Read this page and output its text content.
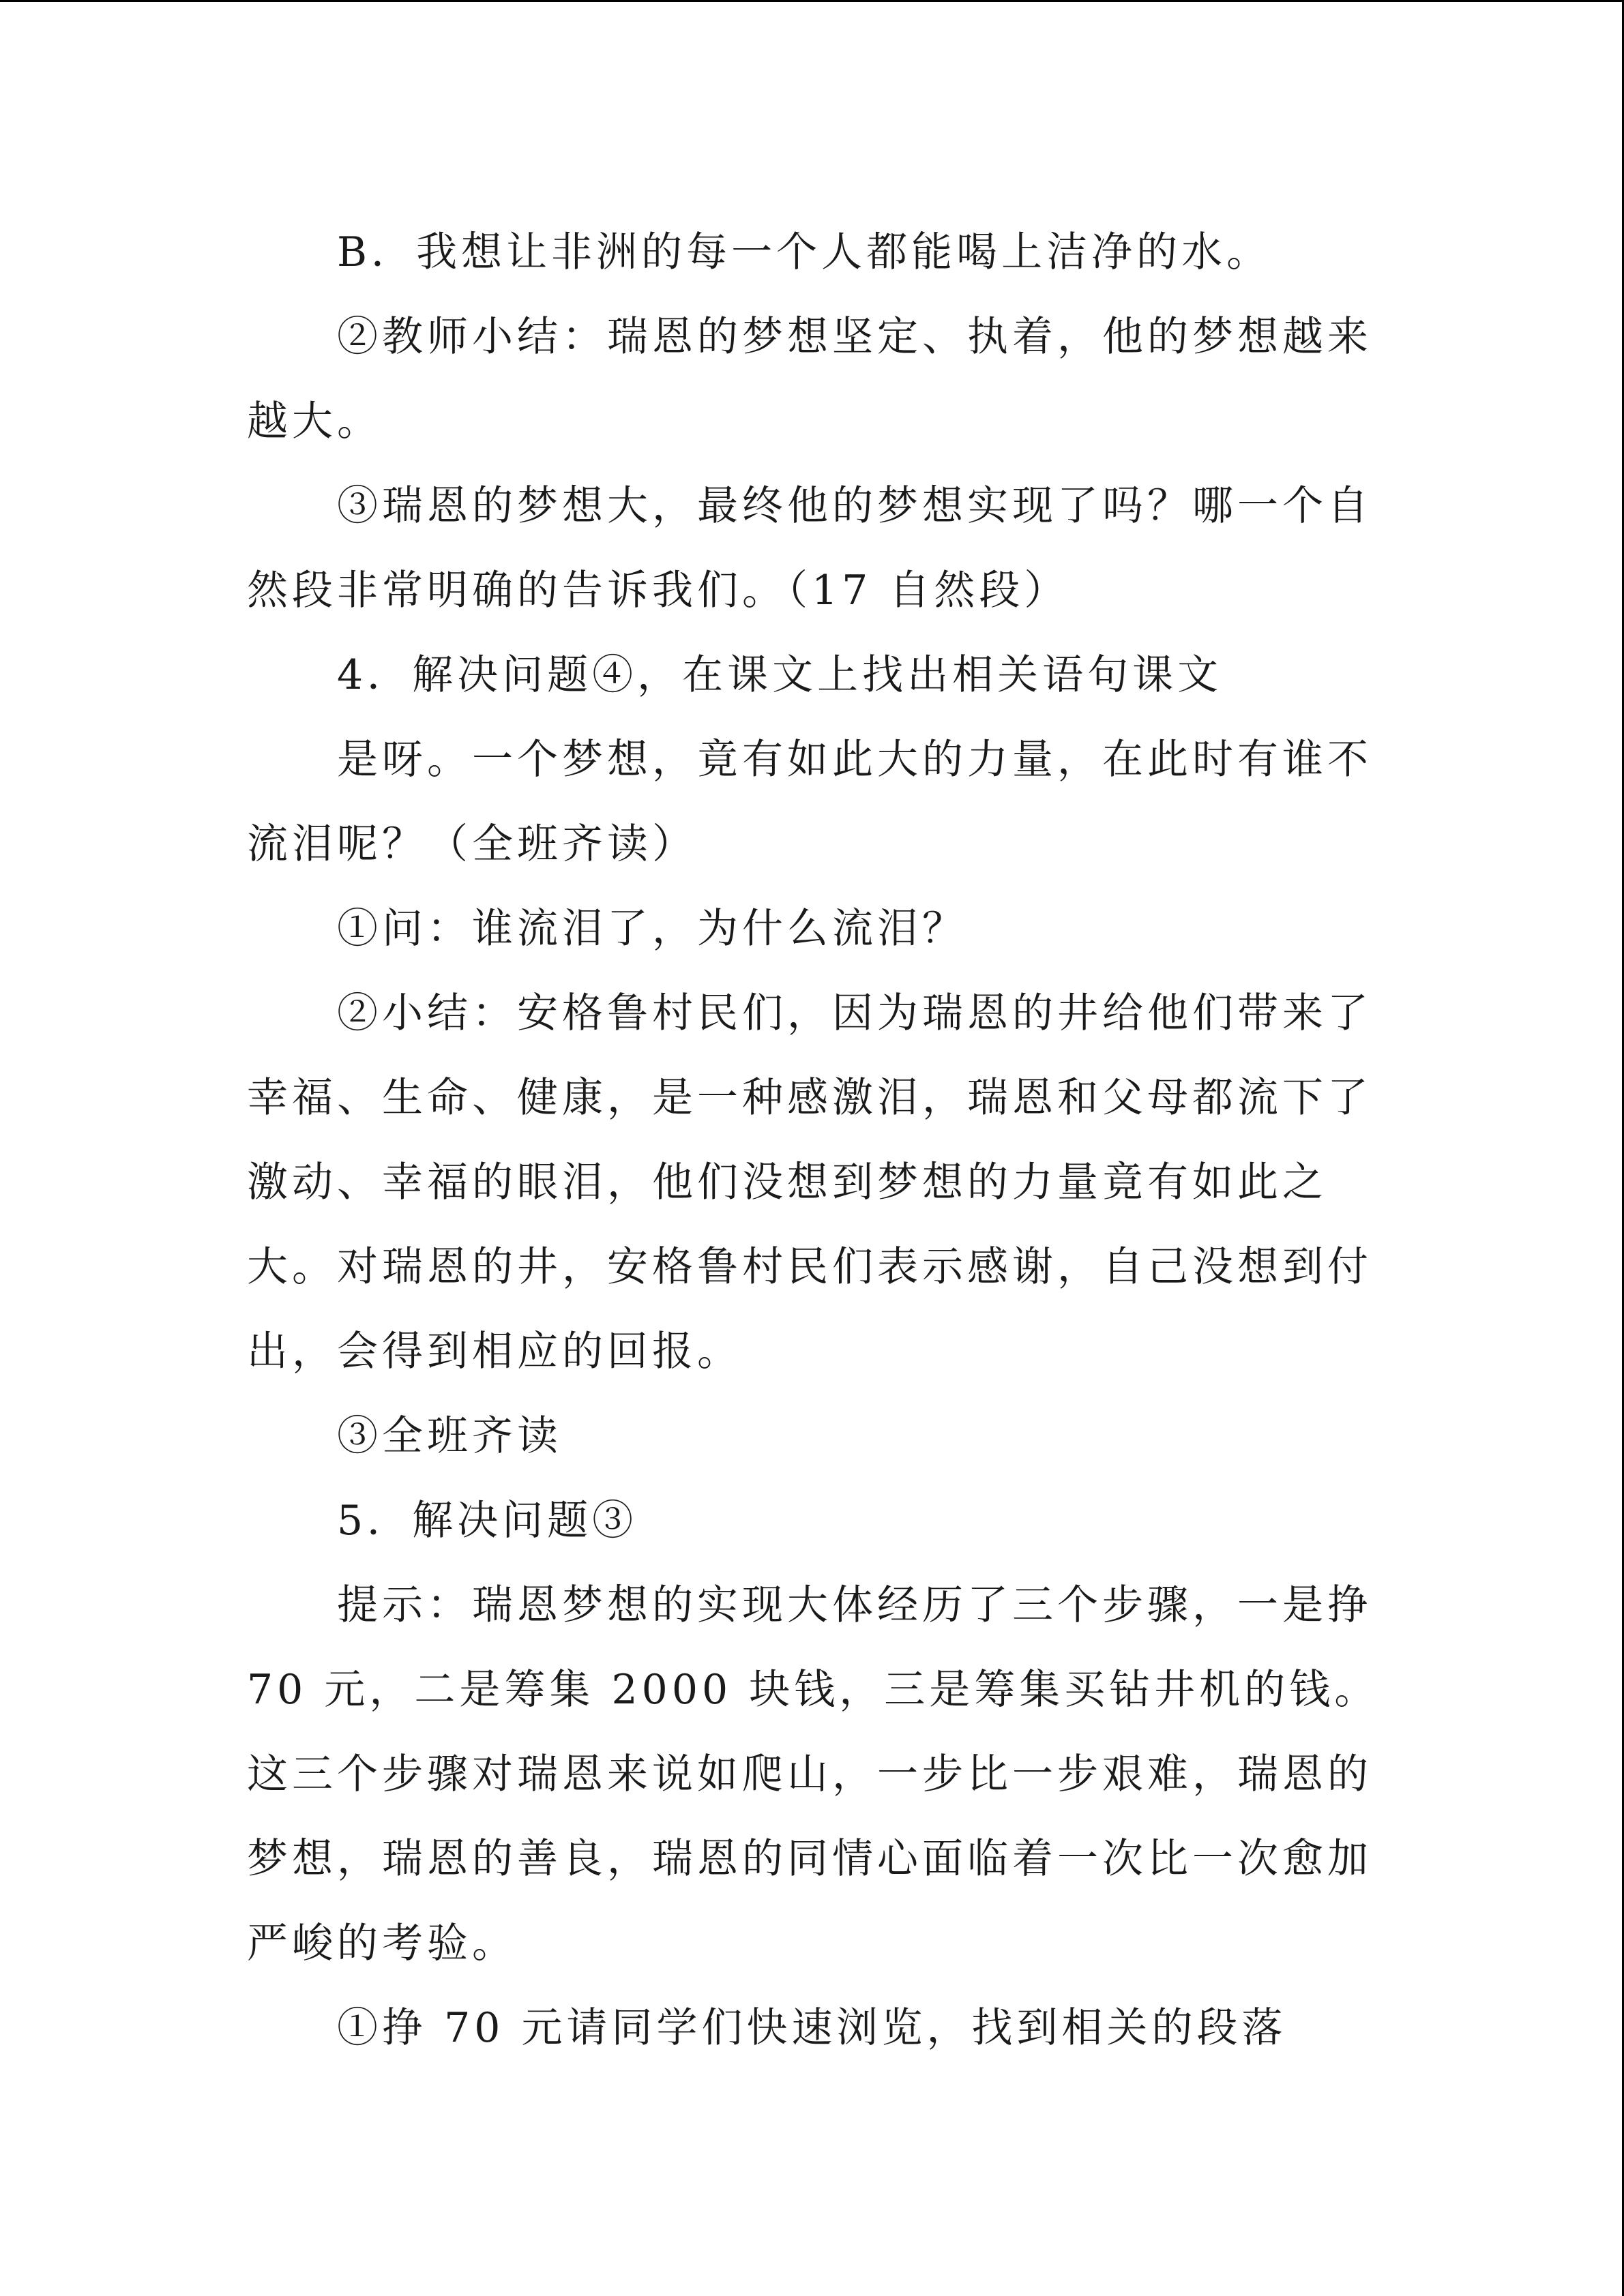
B．我想让非洲的每一个人都能喝上洁净的水。

②教师小结：瑞恩的梦想坚定、执着，他的梦想越来越大。

③瑞恩的梦想大，最终他的梦想实现了吗？哪一个自然段非常明确的告诉我们。（17 自然段）

4．解决问题④，在课文上找出相关语句课文

是呀。一个梦想，竟有如此大的力量，在此时有谁不流泪呢？（全班齐读）

①问：谁流泪了，为什么流泪？

②小结：安格鲁村民们，因为瑞恩的井给他们带来了幸福、生命、健康，是一种感激泪，瑞恩和父母都流下了激动、幸福的眼泪，他们没想到梦想的力量竟有如此之大。对瑞恩的井，安格鲁村民们表示感谢，自己没想到付出，会得到相应的回报。

③全班齐读

5．解决问题③

提示：瑞恩梦想的实现大体经历了三个步骤，一是挣 70 元，二是筹集 2000 块钱，三是筹集买钻井机的钱。这三个步骤对瑞恩来说如爬山，一步比一步艰难，瑞恩的梦想，瑞恩的善良，瑞恩的同情心面临着一次比一次愈加严峻的考验。

①挣 70 元请同学们快速浏览，找到相关的段落
